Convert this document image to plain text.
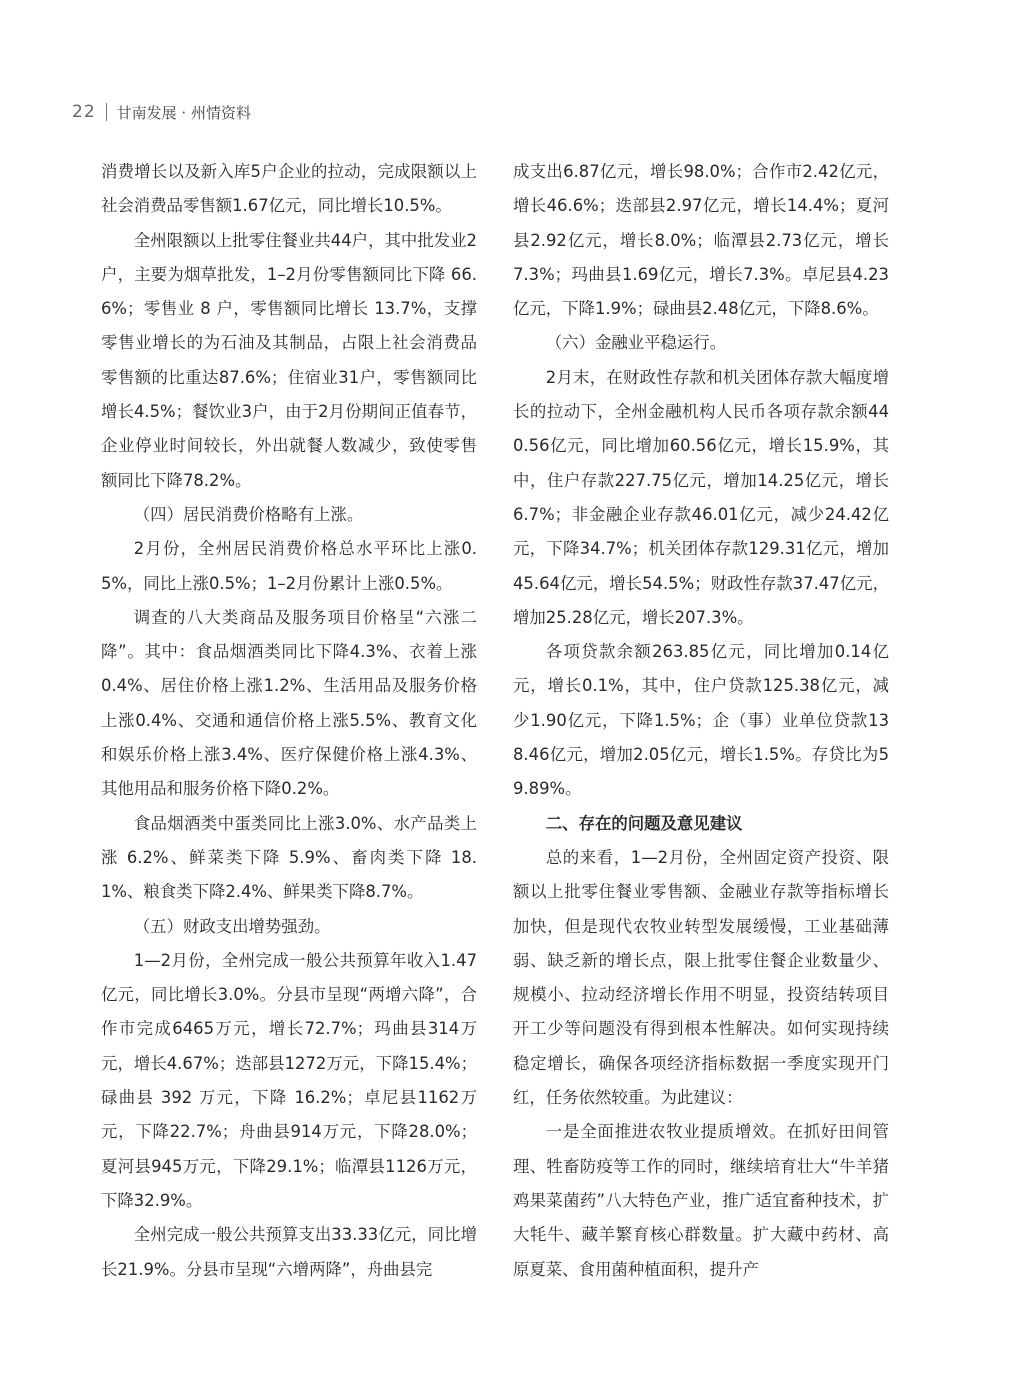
22 甘南发展 · 州情资料

消费增长以及新入库5户企业的拉动，完成限额以上社会消费品零售额1.67亿元，同比增长10.5%。

全州限额以上批零住餐业共44户，其中批发业2户，主要为烟草批发，1–2月份零售额同比下降 66.6%；零售业 8 户，零售额同比增长 13.7%，支撑零售业增长的为石油及其制品，占限上社会消费品零售额的比重达87.6%；住宿业31户，零售额同比增长4.5%；餐饮业3户，由于2月份期间正值春节，企业停业时间较长，外出就餐人数减少，致使零售额同比下降78.2%。

（四）居民消费价格略有上涨。

2月份，全州居民消费价格总水平环比上涨0.5%，同比上涨0.5%；1–2月份累计上涨0.5%。

调查的八大类商品及服务项目价格呈“六涨二降”。其中：食品烟酒类同比下降4.3%、衣着上涨0.4%、居住价格上涨1.2%、生活用品及服务价格上涨0.4%、交通和通信价格上涨5.5%、教育文化和娱乐价格上涨3.4%、医疗保健价格上涨4.3%、其他用品和服务价格下降0.2%。

食品烟酒类中蛋类同比上涨3.0%、水产品类上涨 6.2%、鲜菜类下降 5.9%、畜肉类下降 18.1%、粮食类下降2.4%、鲜果类下降8.7%。

（五）财政支出增势强劲。

1—2月份，全州完成一般公共预算年收入1.47亿元，同比增长3.0%。分县市呈现“两增六降”，合作市完成6465万元，增长72.7%；玛曲县314万元，增长4.67%；迭部县1272万元，下降15.4%；碌曲县 392 万元，下降 16.2%；卓尼县1162万元，下降22.7%；舟曲县914万元，下降28.0%；夏河县945万元，下降29.1%；临潭县1126万元，下降32.9%。

全州完成一般公共预算支出33.33亿元，同比增长21.9%。分县市呈现“六增两降”，舟曲县完

成支出6.87亿元，增长98.0%；合作市2.42亿元，增长46.6%；迭部县2.97亿元，增长14.4%；夏河县2.92亿元，增长8.0%；临潭县2.73亿元，增长7.3%；玛曲县1.69亿元，增长7.3%。卓尼县4.23亿元，下降1.9%；碌曲县2.48亿元，下降8.6%。

（六）金融业平稳运行。

2月末，在财政性存款和机关团体存款大幅度增长的拉动下，全州金融机构人民币各项存款余额440.56亿元，同比增加60.56亿元，增长15.9%，其中，住户存款227.75亿元，增加14.25亿元，增长6.7%；非金融企业存款46.01亿元，减少24.42亿元，下降34.7%；机关团体存款129.31亿元，增加45.64亿元，增长54.5%；财政性存款37.47亿元，增加25.28亿元，增长207.3%。

各项贷款余额263.85亿元，同比增加0.14亿元，增长0.1%，其中，住户贷款125.38亿元，减少1.90亿元，下降1.5%；企（事）业单位贷款138.46亿元，增加2.05亿元，增长1.5%。存贷比为59.89%。

二、存在的问题及意见建议

总的来看，1—2月份，全州固定资产投资、限额以上批零住餐业零售额、金融业存款等指标增长加快，但是现代农牧业转型发展缓慢，工业基础薄弱、缺乏新的增长点，限上批零住餐企业数量少、规模小、拉动经济增长作用不明显，投资结转项目开工少等问题没有得到根本性解决。如何实现持续稳定增长，确保各项经济指标数据一季度实现开门红，任务依然较重。为此建议：

一是全面推进农牧业提质增效。在抓好田间管理、牲畜防疫等工作的同时，继续培育壮大“牛羊猪鸡果菜菌药”八大特色产业，推广适宜畜种技术，扩大牦牛、藏羊繁育核心群数量。扩大藏中药材、高原夏菜、食用菌种植面积，提升产
